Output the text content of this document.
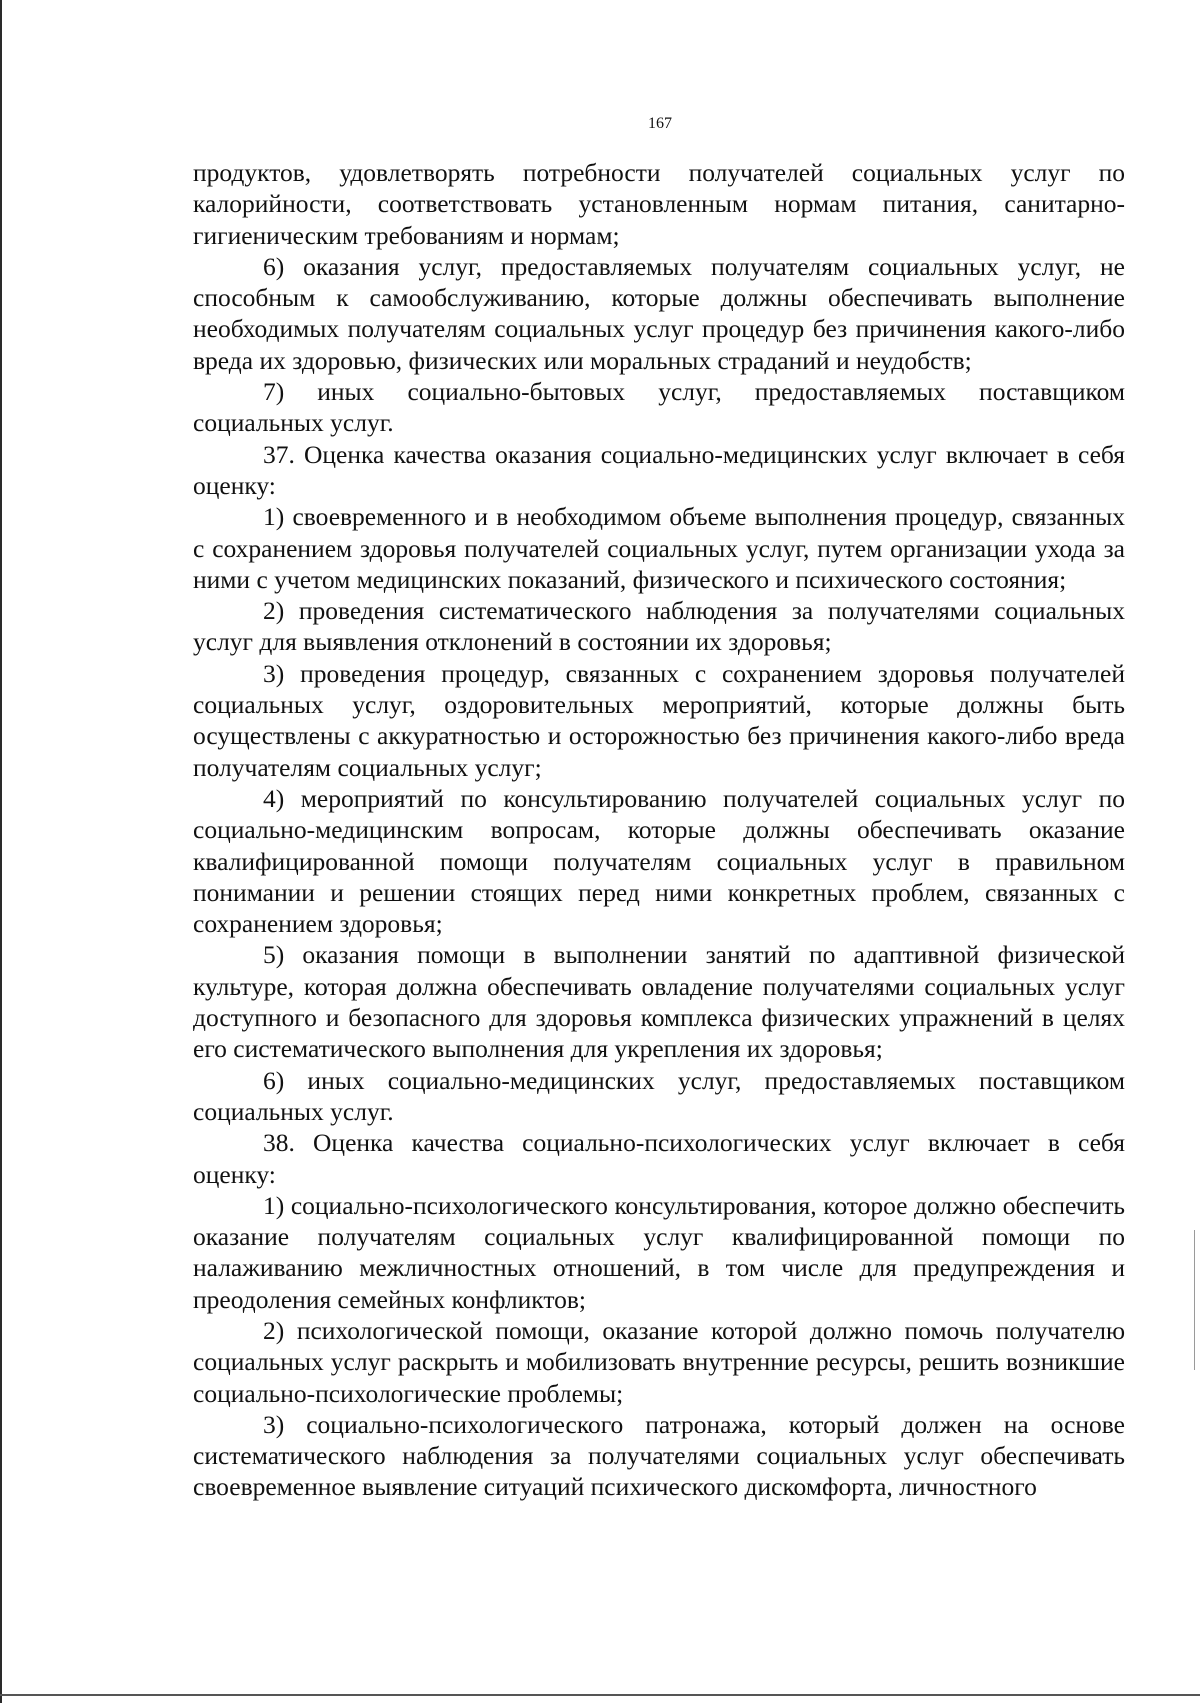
167

продуктов, удовлетворять потребности получателей социальных услуг по калорийности, соответствовать установленным нормам питания, санитарно-гигиеническим требованиям и нормам;

6) оказания услуг, предоставляемых получателям социальных услуг, не способным к самообслуживанию, которые должны обеспечивать выполнение необходимых получателям социальных услуг процедур без причинения какого-либо вреда их здоровью, физических или моральных страданий и неудобств;

7) иных социально-бытовых услуг, предоставляемых поставщиком социальных услуг.

37. Оценка качества оказания социально-медицинских услуг включает в себя оценку:

1) своевременного и в необходимом объеме выполнения процедур, связанных с сохранением здоровья получателей социальных услуг, путем организации ухода за ними с учетом медицинских показаний, физического и психического состояния;

2) проведения систематического наблюдения за получателями социальных услуг для выявления отклонений в состоянии их здоровья;

3) проведения процедур, связанных с сохранением здоровья получателей социальных услуг, оздоровительных мероприятий, которые должны быть осуществлены с аккуратностью и осторожностью без причинения какого-либо вреда получателям социальных услуг;

4) мероприятий по консультированию получателей социальных услуг по социально-медицинским вопросам, которые должны обеспечивать оказание квалифицированной помощи получателям социальных услуг в правильном понимании и решении стоящих перед ними конкретных проблем, связанных с сохранением здоровья;

5) оказания помощи в выполнении занятий по адаптивной физической культуре, которая должна обеспечивать овладение получателями социальных услуг доступного и безопасного для здоровья комплекса физических упражнений в целях его систематического выполнения для укрепления их здоровья;

6) иных социально-медицинских услуг, предоставляемых поставщиком социальных услуг.

38. Оценка качества социально-психологических услуг включает в себя оценку:

1) социально-психологического консультирования, которое должно обеспечить оказание получателям социальных услуг квалифицированной помощи по налаживанию межличностных отношений, в том числе для предупреждения и преодоления семейных конфликтов;

2) психологической помощи, оказание которой должно помочь получателю социальных услуг раскрыть и мобилизовать внутренние ресурсы, решить возникшие социально-психологические проблемы;

3) социально-психологического патронажа, который должен на основе систематического наблюдения за получателями социальных услуг обеспечивать своевременное выявление ситуаций психического дискомфорта, личностного
